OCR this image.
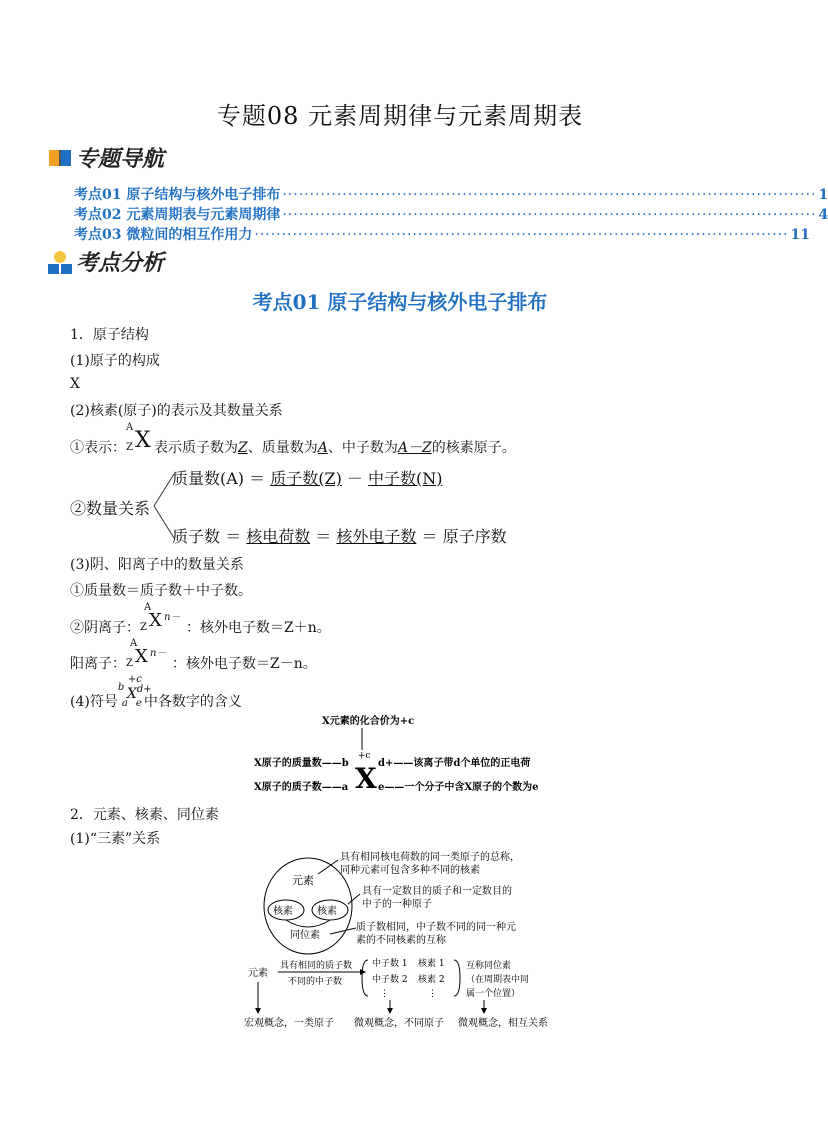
专题08 元素周期律与元素周期表
专题导航
考点01 原子结构与核外电子排布 ·································································································· 1
考点02 元素周期表与元素周期律 ·································································································· 4
考点03 微粒间的相互作用力 ·································································································· 11
考点分析
考点01 原子结构与核外电子排布
1．原子结构
(1)原子的构成
X
(2)核素(原子)的表示及其数量关系
①表示：
A
Z X 表示质子数为Z、质量数为A、中子数为A－Z的核素原子。
②数量关系
质量数(A) ＝ 质子数(Z) － 中子数(N)
质子数 ＝ 核电荷数 ＝ 核外电子数 ＝ 原子序数
(3)阴、阳离子中的数量关系
①质量数＝质子数＋中子数。
②阴离子：
A
Z X n－
：核外电子数＝Z＋n。
阳离子：
A
Z X n－
：核外电子数＝Z－n。
(4)符号
b
a
+c
X d+
e 中各数字的含义
X元素的化合价为+c
+c
X
X原子的质量数——b
X原子的质子数——a
d+——该离子带d个单位的正电荷
e——一个分子中含X原子的个数为e
2．元素、核素、同位素
(1)“三素”关系
元素
核素 核素
同位素
具有相同核电荷数的同一类原子的总称，
同种元素可包含多种不同的核素
具有一定数目的质子和一定数目的
中子的一种原子
质子数相同，中子数不同的同一种元
素的不同核素的互称
元素
具有相同的质子数
不同的中子数
中子数 1
中子数 2
⋮
核素 1
核素 2
⋮
互称同位素
（在周期表中同
属一个位置）
宏观概念，一类原子 微观概念，不同原子 微观概念，相互关系
